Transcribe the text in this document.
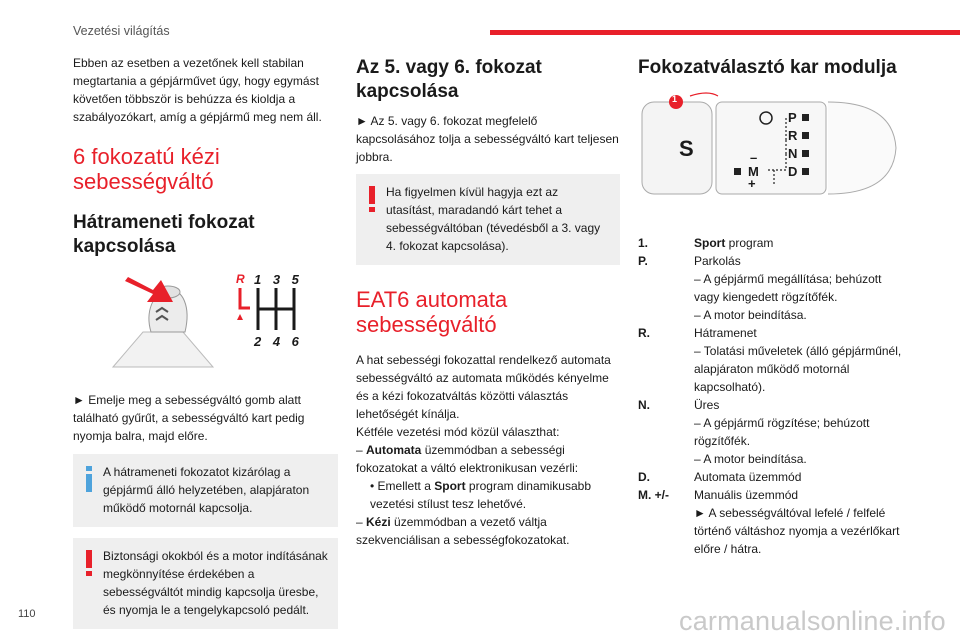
Vezetési világítás

Ebben az esetben a vezetőnek kell stabilan megtartania a gépjárművet úgy, hogy egymást követően többször is behúzza és kioldja a szabályozókart, amíg a gépjármű meg nem áll.

6 fokozatú kézi sebességváltó
Hátrameneti fokozat kapcsolása
R 1 3 5
2 4 6

► Emelje meg a sebességváltó gomb alatt található gyűrűt, a sebességváltó kart pedig nyomja balra, majd előre.

A hátrameneti fokozatot kizárólag a gépjármű álló helyzetében, alapjáraton működő motornál kapcsolja.
Biztonsági okokból és a motor indításának megkönnyítése érdekében a sebességváltót mindig kapcsolja üresbe, és nyomja le a tengelykapcsoló pedált.
Az 5. vagy 6. fokozat kapcsolása

► Az 5. vagy 6. fokozat megfelelő kapcsolásához tolja a sebességváltó kart teljesen jobbra.

Ha figyelmen kívül hagyja ezt az utasítást, maradandó kárt tehet a sebességváltóban (tévedésből a 3. vagy 4. fokozat kapcsolása).
EAT6 automata sebességváltó

A hat sebességi fokozattal rendelkező automata sebességváltó az automata működés kényelme és a kézi fokozatváltás közötti választás lehetőségét kínálja.

Kétféle vezetési mód közül választhat:

– Automata üzemmódban a sebességi fokozatokat a váltó elektronikusan vezérli:

• Emellett a Sport program dinamikusabb vezetési stílust tesz lehetővé.

– Kézi üzemmódban a vezető váltja szekvenciálisan a sebességfokozatokat.

Fokozatválasztó kar modulja
1
S
P
R
N
D
M
–
+
1.	Sport program
P.	Parkolás
– A gépjármű megállítása; behúzott vagy kiengedett rögzítőfék.
– A motor beindítása.
R.	Hátramenet
– Tolatási műveletek (álló gépjárműnél, alapjáraton működő motornál kapcsolható).
N.	Üres
– A gépjármű rögzítése; behúzott rögzítőfék.
– A motor beindítása.
D.	Automata üzemmód
M. +/-	Manuális üzemmód
► A sebességváltóval lefelé / felfelé történő váltáshoz nyomja a vezérlőkart előre / hátra.
110	carmanualsonline.info
